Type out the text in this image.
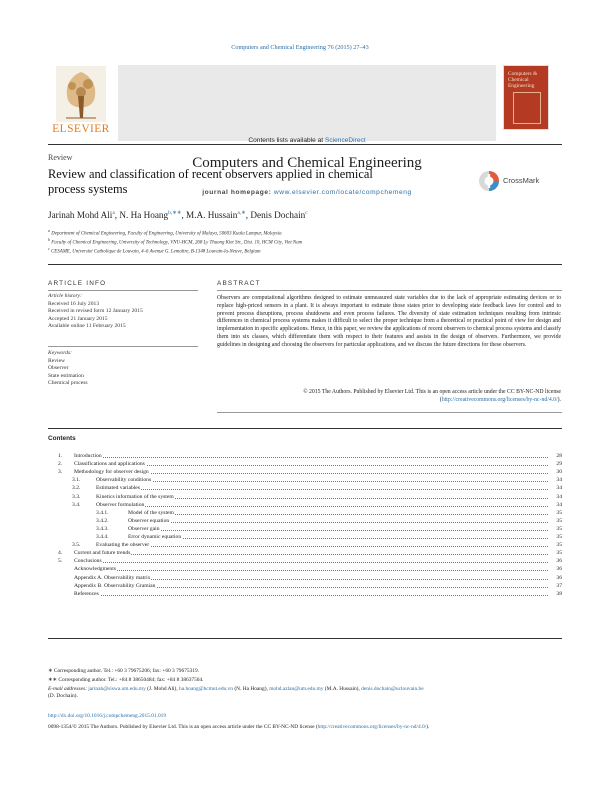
Computers and Chemical Engineering 76 (2015) 27–43
Contents lists available at ScienceDirect
Computers and Chemical Engineering
journal homepage: www.elsevier.com/locate/compchemeng
ELSEVIER
Computers & Chemical Engineering
Review
Review and classification of recent observers applied in chemical
process systems
CrossMark
Jarinah Mohd Ali$^a$, N. Ha Hoang$^{b,∗∗}$, M.A. Hussain$^{a,∗}$, Denis Dochain$^c$
$^a$ Department of Chemical Engineering, Faculty of Engineering, University of Malaya, 50603 Kuala Lumpur, Malaysia
$^b$ Faculty of Chemical Engineering, University of Technology, VNU-HCM, 268 Ly Thuong Kiet Str., Dist. 10, HCM City, Viet Nam
$^c$ CESAME, Université Catholique de Louvain, 4–6 Avenue G. Lemaître, B-1348 Louvain-la-Neuve, Belgium
ARTICLE INFO
Article history:
Received 16 July 2013
Received in revised form 12 January 2015
Accepted 21 January 2015
Available online 11 February 2015
Keywords:
Review
Observer
State estimation
Chemical process
ABSTRACT
Observers are computational algorithms designed to estimate unmeasured state variables due to the lack of appropriate estimating devices or to replace high-priced sensors in a plant. It is always important to estimate those states prior to developing state feedback laws for control and to prevent process disruptions, process shutdowns and even process failures. The diversity of state estimation techniques resulting from intrinsic differences in chemical process systems makes it difficult to select the proper technique from a theoretical or practical point of view for design and implementation in specific applications. Hence, in this paper, we review the applications of recent observers to chemical process systems and classify them into six classes, which differentiate them with respect to their features and assists in the design of observers. Furthermore, we provide guidelines in designing and choosing the observers for particular applications, and we discuss the future directions for these observers.
© 2015 The Authors. Published by Elsevier Ltd. This is an open access article under the CC BY-NC-ND license (http://creativecommons.org/licenses/by-nc-nd/4.0/).
Contents
1. Introduction	28
2. Classifications and applications	29
3. Methodology for observer design	30
3.1.	Observability conditions	34
3.2.	Estimated variables	34
3.3.	Kinetics information of the system	34
3.4.	Observer formulation	34
3.4.1.	Model of the system	35
3.4.2.	Observer equation	35
3.4.3.	Observer gain	35
3.4.4.	Error dynamic equation	35
3.5.	Evaluating the observer	35
4. Current and future trends	35
5. Conclusions	36
Acknowledgments	36
Appendix A. Observability matrix	36
Appendix B. Observability Gramian	37
References	38
∗ Corresponding author. Tel.: +60 3 79675206; fax: +60 3 79675319.
∗∗ Corresponding author. Tel.: +84 8 38650484; fax: +84 8 38637504.
E-mail addresses: jarinah@siswa.um.edu.my (J. Mohd Ali), ha.hoang@hcmut.edu.vn (N. Ha Hoang), mohd.azlan@um.edu.my (M.A. Hussain), denis.dochain@uclouvain.be
(D. Dochain).
http://dx.doi.org/10.1016/j.compchemeng.2015.01.019
0098-1354/© 2015 The Authors. Published by Elsevier Ltd. This is an open access article under the CC BY-NC-ND license (http://creativecommons.org/licenses/by-nc-nd/4.0/).
